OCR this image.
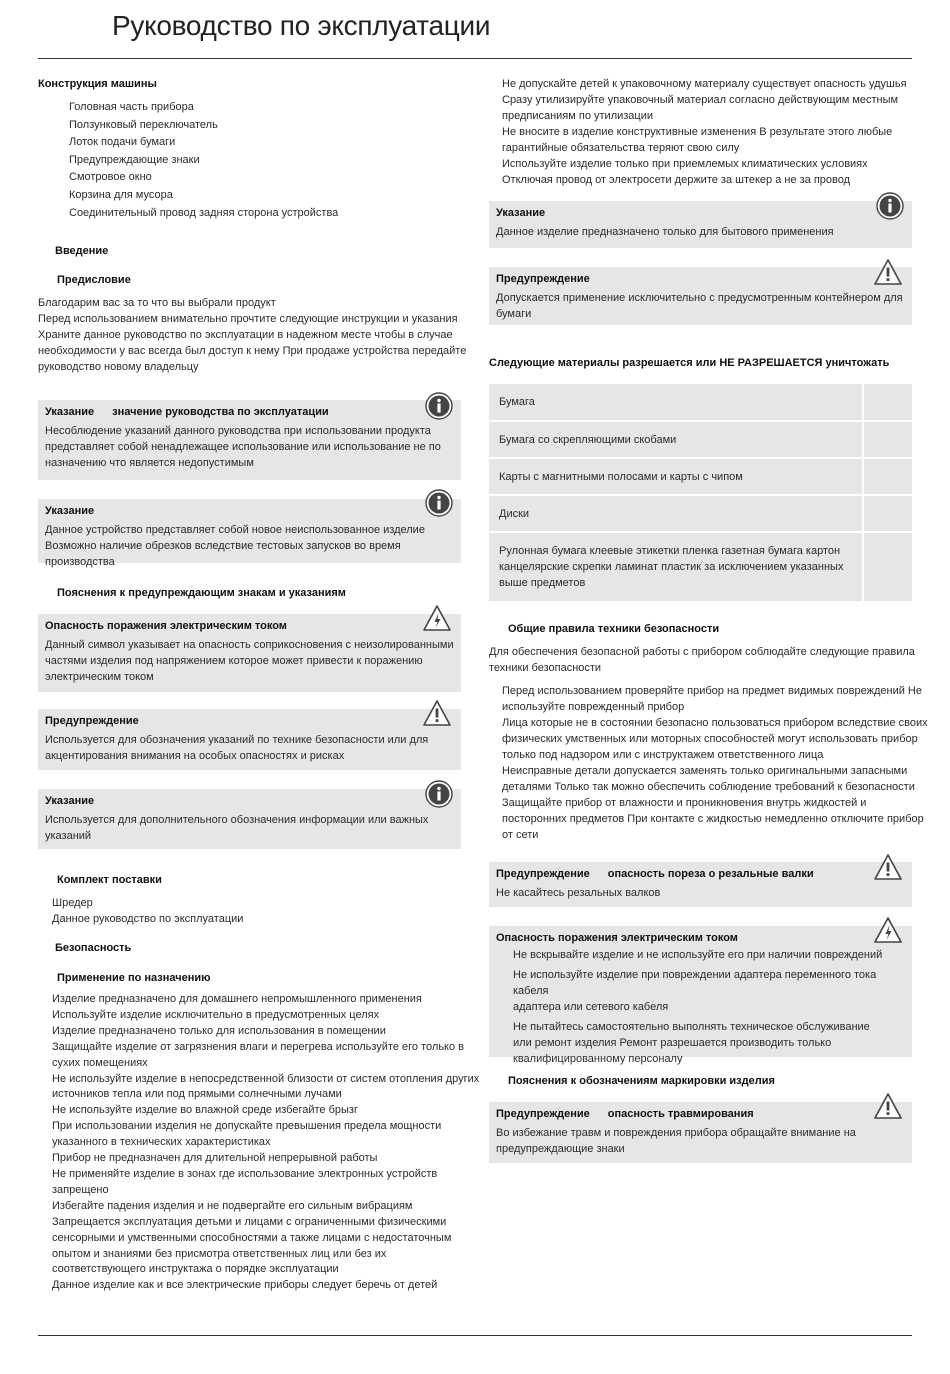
Руководство по эксплуатации
Конструкция машины
Головная часть прибора
Ползунковый переключатель
Лоток подачи бумаги
Предупреждающие знаки
Смотровое окно
Корзина для мусора
Соединительный провод задняя сторона устройства
Введение
Предисловие
Благодарим вас за то что вы выбрали продукт
Перед использованием внимательно прочтите следующие инструкции и указания
Храните данное руководство по эксплуатации в надежном месте чтобы в случае
необходимости у вас всегда был доступ к нему При продаже устройства передайте
руководство новому владельцу
Указание значение руководства по эксплуатации
Несоблюдение указаний данного руководства при использовании продукта
представляет собой ненадлежащее использование или использование не по
назначению что является недопустимым
Указание
Данное устройство представляет собой новое неиспользованное изделие
Возможно наличие обрезков вследствие тестовых запусков во время производства
Пояснения к предупреждающим знакам и указаниям
Опасность поражения электрическим током
Данный символ указывает на опасность соприкосновения с неизолированными
частями изделия под напряжением которое может привести к поражению
электрическим током
Предупреждение
Используется для обозначения указаний по технике безопасности или для
акцентирования внимания на особых опасностях и рисках
Указание
Используется для дополнительного обозначения информации или важных
указаний
Комплект поставки
Шредер
Данное руководство по эксплуатации
Безопасность
Применение по назначению
Изделие предназначено для домашнего непромышленного применения
Используйте изделие исключительно в предусмотренных целях
Изделие предназначено только для использования в помещении
Защищайте изделие от загрязнения влаги и перегрева используйте его только в
сухих помещениях
Не используйте изделие в непосредственной близости от систем отопления других
источников тепла или под прямыми солнечными лучами
Не используйте изделие во влажной среде избегайте брызг
При использовании изделия не допускайте превышения предела мощности
указанного в технических характеристиках
Прибор не предназначен для длительной непрерывной работы
Не применяйте изделие в зонах где использование электронных устройств
запрещено
Избегайте падения изделия и не подвергайте его сильным вибрациям
Запрещается эксплуатация детьми и лицами с ограниченными физическими
сенсорными и умственными способностями а также лицами с недостаточным
опытом и знаниями без присмотра ответственных лиц или без их
соответствующего инструктажа о порядке эксплуатации
Данное изделие как и все электрические приборы следует беречь от детей
Не допускайте детей к упаковочному материалу существует опасность удушья
Сразу утилизируйте упаковочный материал согласно действующим местным
предписаниям по утилизации
Не вносите в изделие конструктивные изменения В результате этого любые
гарантийные обязательства теряют свою силу
Используйте изделие только при приемлемых климатических условиях
Отключая провод от электросети держите за штекер а не за провод
Указание
Данное изделие предназначено только для бытового применения
Предупреждение
Допускается применение исключительно с предусмотренным контейнером для
бумаги
Следующие материалы разрешается или НЕ РАЗРЕШАЕТСЯ уничтожать
Бумага
Бумага со скрепляющими скобами
Карты с магнитными полосами и карты с чипом
Диски
Рулонная бумага клеевые этикетки пленка газетная бумага картон
канцелярские скрепки ламинат пластик за исключением указанных
выше предметов
Общие правила техники безопасности
Для обеспечения безопасной работы с прибором соблюдайте следующие правила
техники безопасности
Перед использованием проверяйте прибор на предмет видимых повреждений Не
используйте поврежденный прибор
Лица которые не в состоянии безопасно пользоваться прибором вследствие своих
физических умственных или моторных способностей могут использовать прибор
только под надзором или с инструктажем ответственного лица
Неисправные детали допускается заменять только оригинальными запасными
деталями Только так можно обеспечить соблюдение требований к безопасности
Защищайте прибор от влажности и проникновения внутрь жидкостей и
посторонних предметов При контакте с жидкостью немедленно отключите прибор
от сети
Предупреждение опасность пореза о резальные валки
Не касайтесь резальных валков
Опасность поражения электрическим током
Не вскрывайте изделие и не используйте его при наличии повреждений
Не используйте изделие при повреждении адаптера переменного тока кабеля
адаптера или сетевого кабеля
Не пытайтесь самостоятельно выполнять техническое обслуживание
или ремонт изделия Ремонт разрешается производить только
квалифицированному персоналу
Пояснения к обозначениям маркировки изделия
Предупреждение опасность травмирования
Во избежание травм и повреждения прибора обращайте внимание на
предупреждающие знаки
